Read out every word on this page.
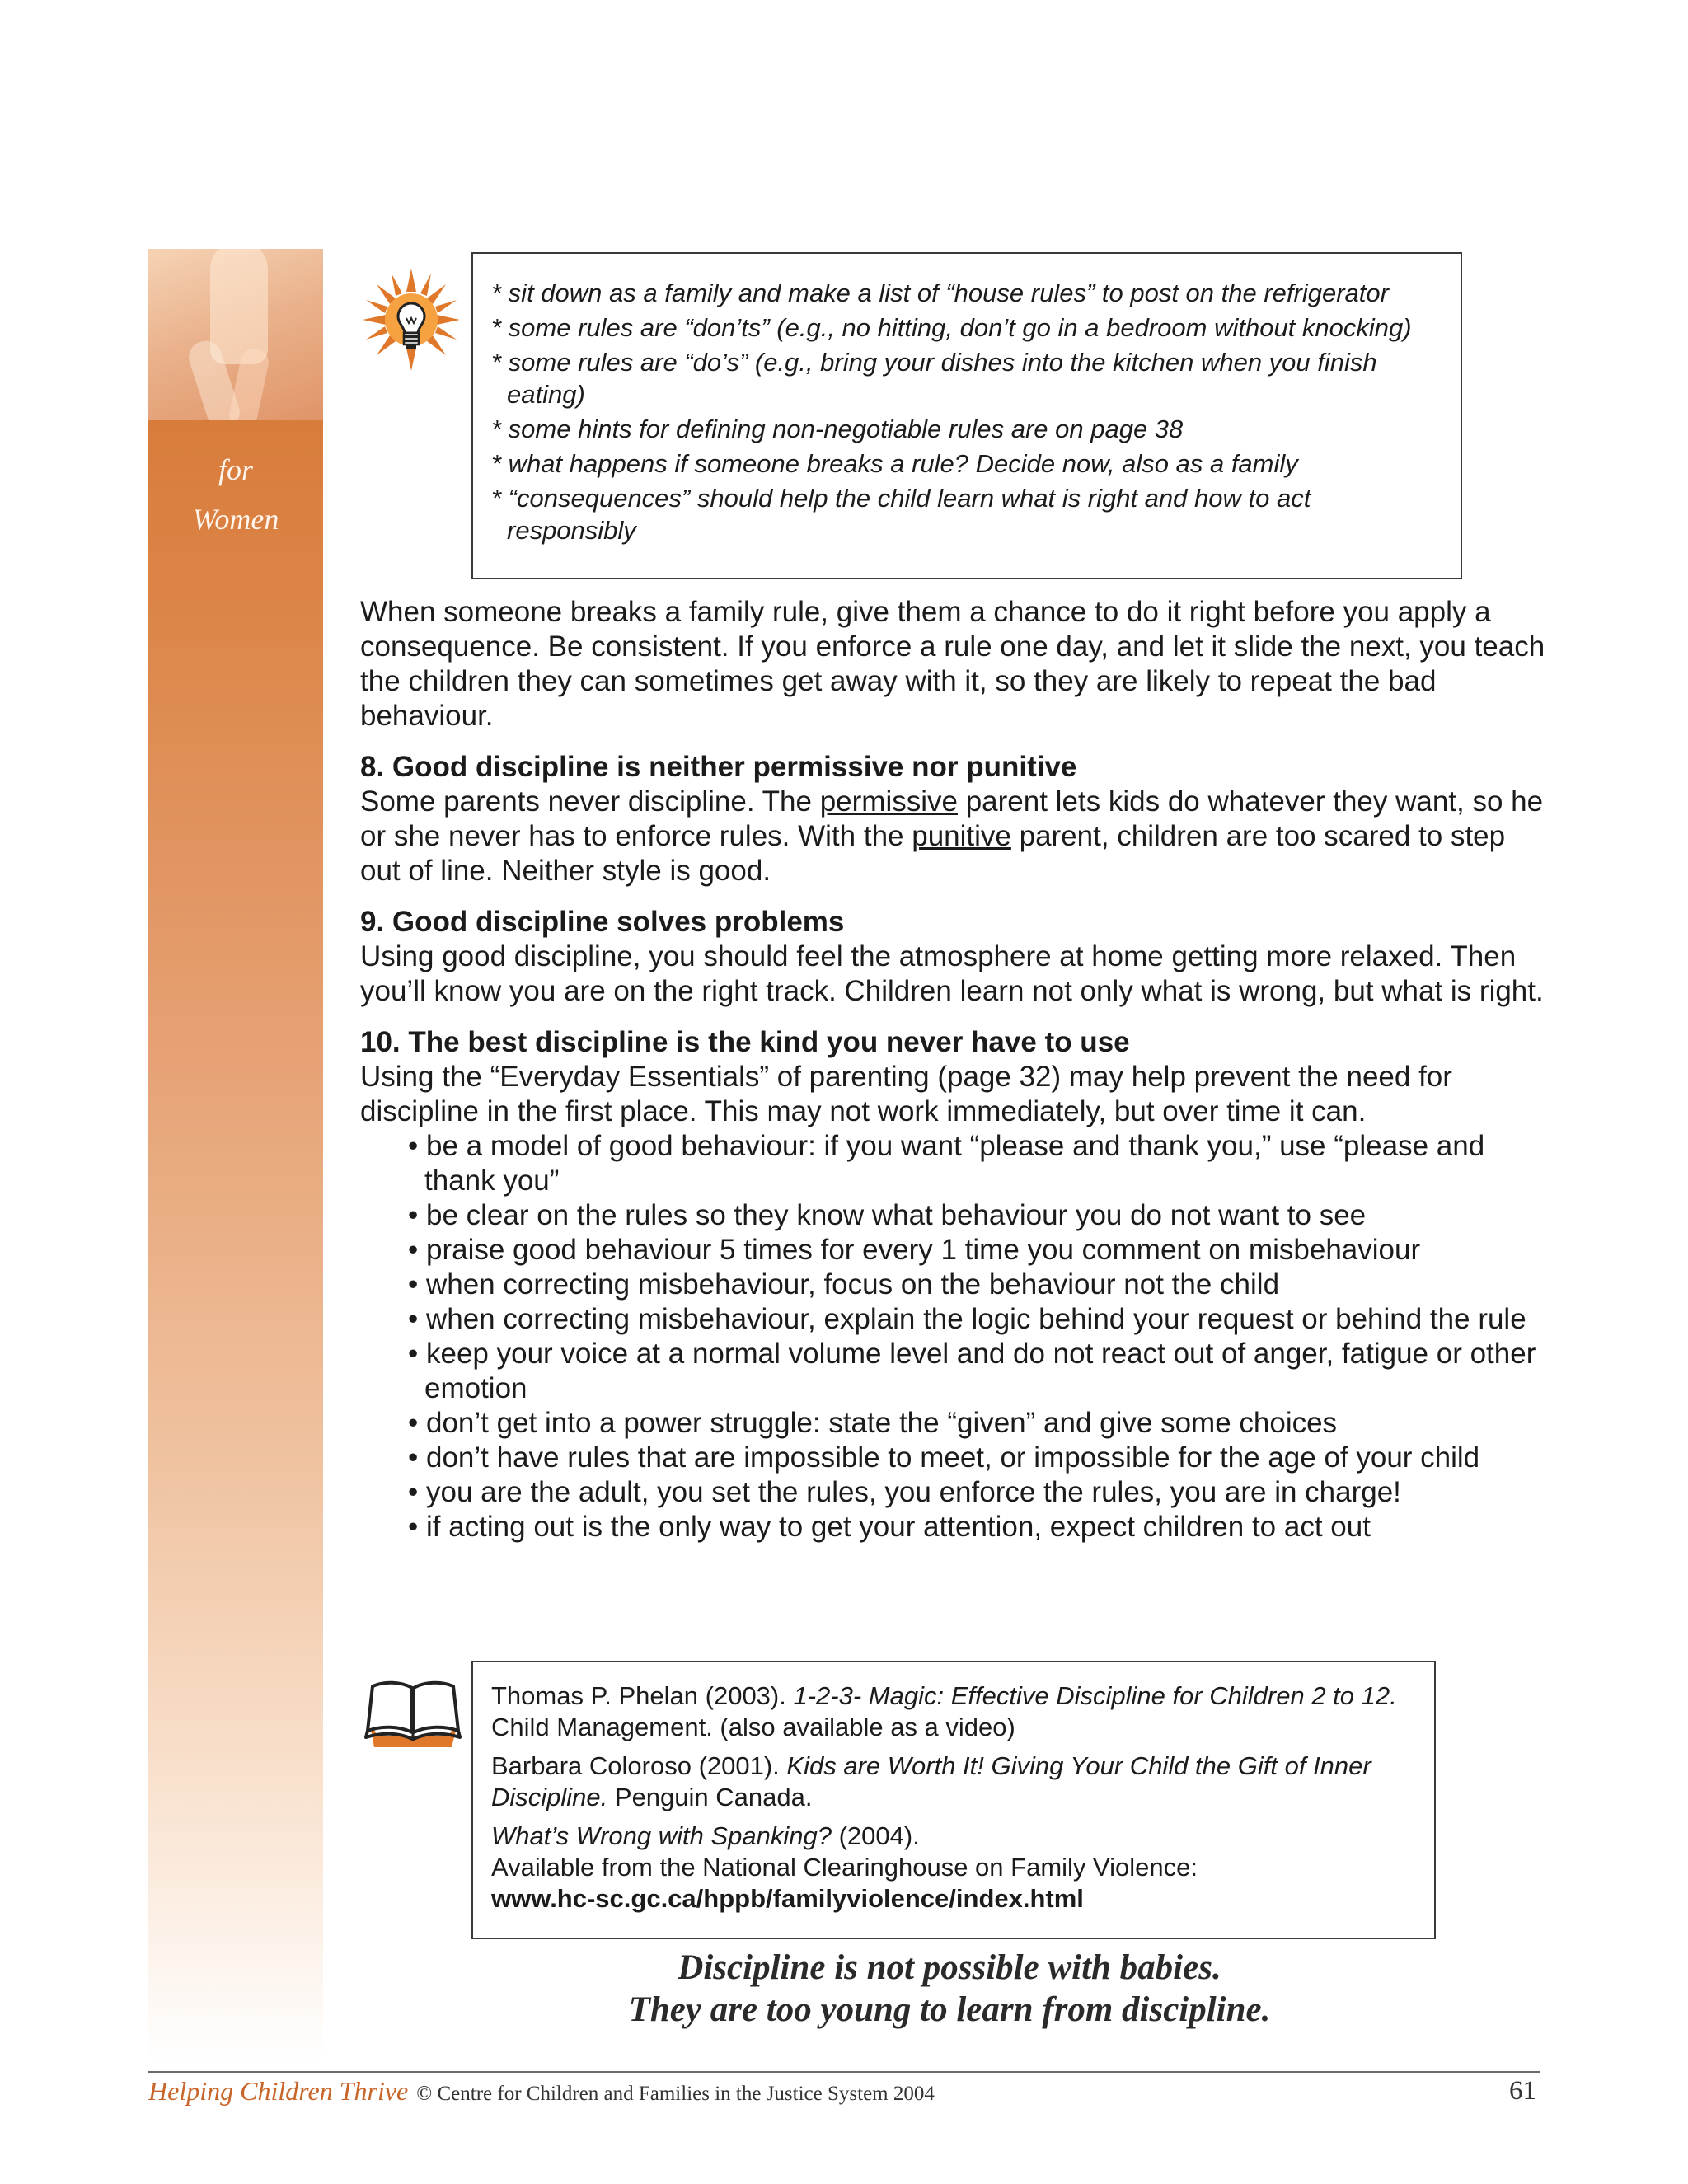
for
Women

* sit down as a family and make a list of “house rules” to post on the refrigerator

* some rules are “don’ts” (e.g., no hitting, don’t go in a bedroom without knocking)

* some rules are “do’s” (e.g., bring your dishes into the kitchen when you finish eating)

* some hints for defining non-negotiable rules are on page 38

* what happens if someone breaks a rule? Decide now, also as a family

* “consequences” should help the child learn what is right and how to act responsibly

When someone breaks a family rule, give them a chance to do it right before you apply a consequence. Be consistent. If you enforce a rule one day, and let it slide the next, you teach the children they can sometimes get away with it, so they are likely to repeat the bad behaviour.

8. Good discipline is neither permissive nor punitive

Some parents never discipline. The permissive parent lets kids do whatever they want, so he or she never has to enforce rules. With the punitive parent, children are too scared to step out of line. Neither style is good.

9. Good discipline solves problems

Using good discipline, you should feel the atmosphere at home getting more relaxed. Then you’ll know you are on the right track. Children learn not only what is wrong, but what is right.

10. The best discipline is the kind you never have to use

Using the “Everyday Essentials” of parenting (page 32) may help prevent the need for discipline in the first place. This may not work immediately, but over time it can.

• be a model of good behaviour: if you want “please and thank you,” use “please and thank you”
• be clear on the rules so they know what behaviour you do not want to see
• praise good behaviour 5 times for every 1 time you comment on misbehaviour
• when correcting misbehaviour, focus on the behaviour not the child
• when correcting misbehaviour, explain the logic behind your request or behind the rule
• keep your voice at a normal volume level and do not react out of anger, fatigue or other emotion
• don’t get into a power struggle: state the “given” and give some choices
• don’t have rules that are impossible to meet, or impossible for the age of your child
• you are the adult, you set the rules, you enforce the rules, you are in charge!
• if acting out is the only way to get your attention, expect children to act out

Thomas P. Phelan (2003). 1-2-3- Magic: Effective Discipline for Children 2 to 12. Child Management. (also available as a video)

Barbara Coloroso (2001). Kids are Worth It! Giving Your Child the Gift of Inner Discipline. Penguin Canada.

What’s Wrong with Spanking? (2004).
Available from the National Clearinghouse on Family Violence:
www.hc-sc.gc.ca/hppb/familyviolence/index.html

Discipline is not possible with babies.
They are too young to learn from discipline.
Helping Children Thrive © Centre for Children and Families in the Justice System 2004	61
